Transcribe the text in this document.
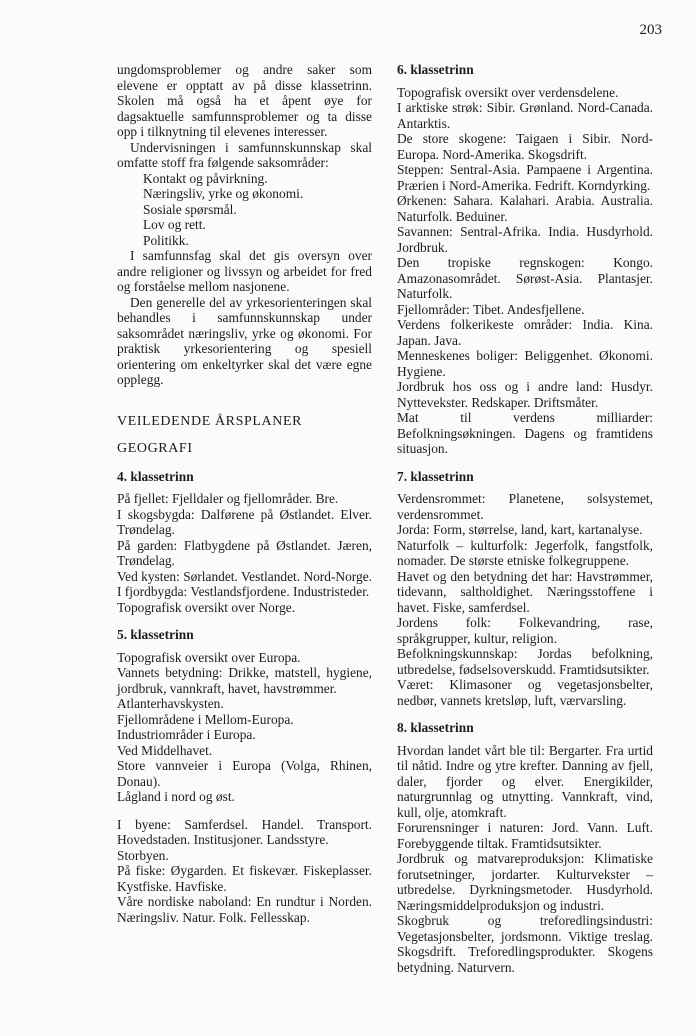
203

ungdomsproblemer og andre saker som elevene er opptatt av på disse klassetrinn. Skolen må også ha et åpent øye for dagsaktuelle samfunnsproblemer og ta disse opp i tilknytning til elevenes interesser.

Undervisningen i samfunnskunnskap skal omfatte stoff fra følgende saksområder:

Kontakt og påvirkning.

Næringsliv, yrke og økonomi.

Sosiale spørsmål.

Lov og rett.

Politikk.

I samfunnsfag skal det gis oversyn over andre religioner og livssyn og arbeidet for fred og forståelse mellom nasjonene.

Den generelle del av yrkesorienteringen skal behandles i samfunnskunnskap under saksområdet næringsliv, yrke og økonomi. For praktisk yrkesorientering og spesiell orientering om enkeltyrker skal det være egne opplegg.

VEILEDENDE ÅRSPLANER

GEOGRAFI

4. klassetrinn

På fjellet: Fjelldaler og fjellområder. Bre.

I skogsbygda: Dalførene på Østlandet. Elver. Trøndelag.

På garden: Flatbygdene på Østlandet. Jæren, Trøndelag.

Ved kysten: Sørlandet. Vestlandet. Nord-Norge.

I fjordbygda: Vestlandsfjordene. Industristeder.

Topografisk oversikt over Norge.

5. klassetrinn

Topografisk oversikt over Europa.

Vannets betydning: Drikke, matstell, hygiene, jordbruk, vannkraft, havet, havstrømmer.

Atlanterhavskysten.

Fjellområdene i Mellom-Europa.

Industriområder i Europa.

Ved Middelhavet.

Store vannveier i Europa (Volga, Rhinen, Donau).

Lågland i nord og øst.

I byene: Samferdsel. Handel. Transport. Hovedstaden. Institusjoner. Landsstyre.

Storbyen.

På fiske: Øygarden. Et fiskevær. Fiskeplasser. Kystfiske. Havfiske.

Våre nordiske naboland: En rundtur i Norden. Næringsliv. Natur. Folk. Fellesskap.

6. klassetrinn

Topografisk oversikt over verdensdelene.

I arktiske strøk: Sibir. Grønland. Nord-Canada. Antarktis.

De store skogene: Taigaen i Sibir. Nord-Europa. Nord-Amerika. Skogsdrift.

Steppen: Sentral-Asia. Pampaene i Argentina. Prærien i Nord-Amerika. Fedrift. Korndyrking.

Ørkenen: Sahara. Kalahari. Arabia. Australia. Naturfolk. Beduiner.

Savannen: Sentral-Afrika. India. Husdyrhold. Jordbruk.

Den tropiske regnskogen: Kongo. Amazonasområdet. Sørøst-Asia. Plantasjer. Naturfolk.

Fjellområder: Tibet. Andesfjellene.

Verdens folkerikeste områder: India. Kina. Japan. Java.

Menneskenes boliger: Beliggenhet. Økonomi. Hygiene.

Jordbruk hos oss og i andre land: Husdyr. Nyttevekster. Redskaper. Driftsmåter.

Mat til verdens milliarder: Befolkningsøkningen. Dagens og framtidens situasjon.

7. klassetrinn

Verdensrommet: Planetene, solsystemet, verdensrommet.

Jorda: Form, størrelse, land, kart, kartanalyse.

Naturfolk – kulturfolk: Jegerfolk, fangstfolk, nomader. De største etniske folkegruppene.

Havet og den betydning det har: Havstrømmer, tidevann, saltholdighet. Næringsstoffene i havet. Fiske, samferdsel.

Jordens folk: Folkevandring, rase, språkgrupper, kultur, religion.

Befolkningskunnskap: Jordas befolkning, utbredelse, fødselsoverskudd. Framtidsutsikter.

Været: Klimasoner og vegetasjonsbelter, nedbør, vannets kretsløp, luft, værvarsling.

8. klassetrinn

Hvordan landet vårt ble til: Bergarter. Fra urtid til nåtid. Indre og ytre krefter. Danning av fjell, daler, fjorder og elver. Energikilder, naturgrunnlag og utnytting. Vannkraft, vind, kull, olje, atomkraft.

Forurensninger i naturen: Jord. Vann. Luft. Forebyggende tiltak. Framtidsutsikter.

Jordbruk og matvareproduksjon: Klimatiske forutsetninger, jordarter. Kulturvekster – utbredelse. Dyrkningsmetoder. Husdyrhold. Næringsmiddelproduksjon og industri.

Skogbruk og treforedlingsindustri: Vegetasjonsbelter, jordsmonn. Viktige treslag. Skogsdrift. Treforedlingsprodukter. Skogens betydning. Naturvern.
